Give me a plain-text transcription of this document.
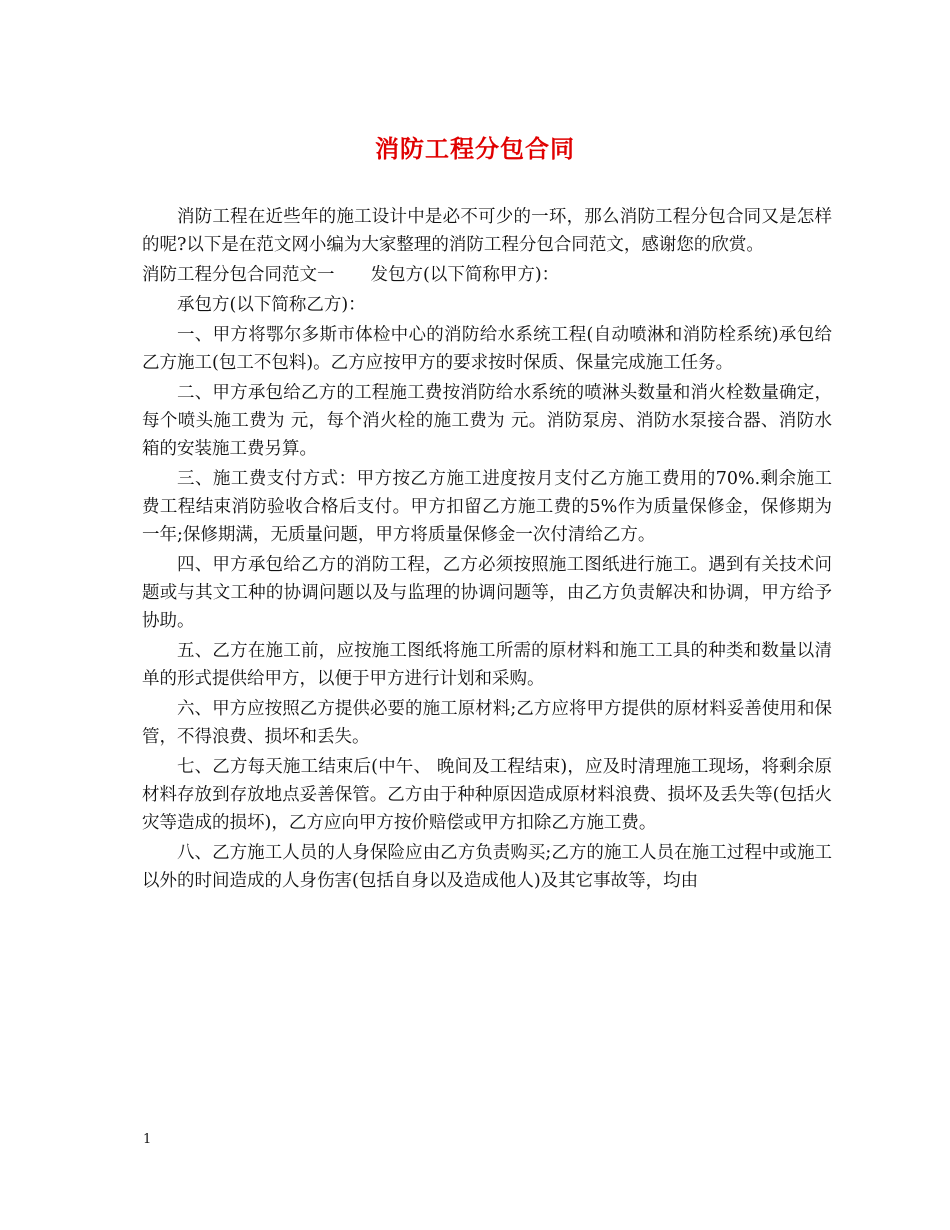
消防工程分包合同

消防工程在近些年的施工设计中是必不可少的一环，那么消防工程分包合同又是怎样的呢?以下是在范文网小编为大家整理的消防工程分包合同范文，感谢您的欣赏。

消防工程分包合同范文一 发包方(以下简称甲方)：

承包方(以下简称乙方)：

一、甲方将鄂尔多斯市体检中心的消防给水系统工程(自动喷淋和消防栓系统)承包给乙方施工(包工不包料)。乙方应按甲方的要求按时保质、保量完成施工任务。

二、甲方承包给乙方的工程施工费按消防给水系统的喷淋头数量和消火栓数量确定，每个喷头施工费为 元，每个消火栓的施工费为 元。消防泵房、消防水泵接合器、消防水箱的安装施工费另算。

三、施工费支付方式：甲方按乙方施工进度按月支付乙方施工费用的70%.剩余施工费工程结束消防验收合格后支付。甲方扣留乙方施工费的5%作为质量保修金，保修期为一年;保修期满，无质量问题，甲方将质量保修金一次付清给乙方。

四、甲方承包给乙方的消防工程，乙方必须按照施工图纸进行施工。遇到有关技术问题或与其文工种的协调问题以及与监理的协调问题等，由乙方负责解决和协调，甲方给予协助。

五、乙方在施工前，应按施工图纸将施工所需的原材料和施工工具的种类和数量以清单的形式提供给甲方，以便于甲方进行计划和采购。

六、甲方应按照乙方提供必要的施工原材料;乙方应将甲方提供的原材料妥善使用和保管，不得浪费、损坏和丢失。

七、乙方每天施工结束后(中午、 晚间及工程结束)，应及时清理施工现场，将剩余原材料存放到存放地点妥善保管。乙方由于种种原因造成原材料浪费、损坏及丢失等(包括火灾等造成的损坏)，乙方应向甲方按价赔偿或甲方扣除乙方施工费。

八、乙方施工人员的人身保险应由乙方负责购买;乙方的施工人员在施工过程中或施工以外的时间造成的人身伤害(包括自身以及造成他人)及其它事故等，均由

1
